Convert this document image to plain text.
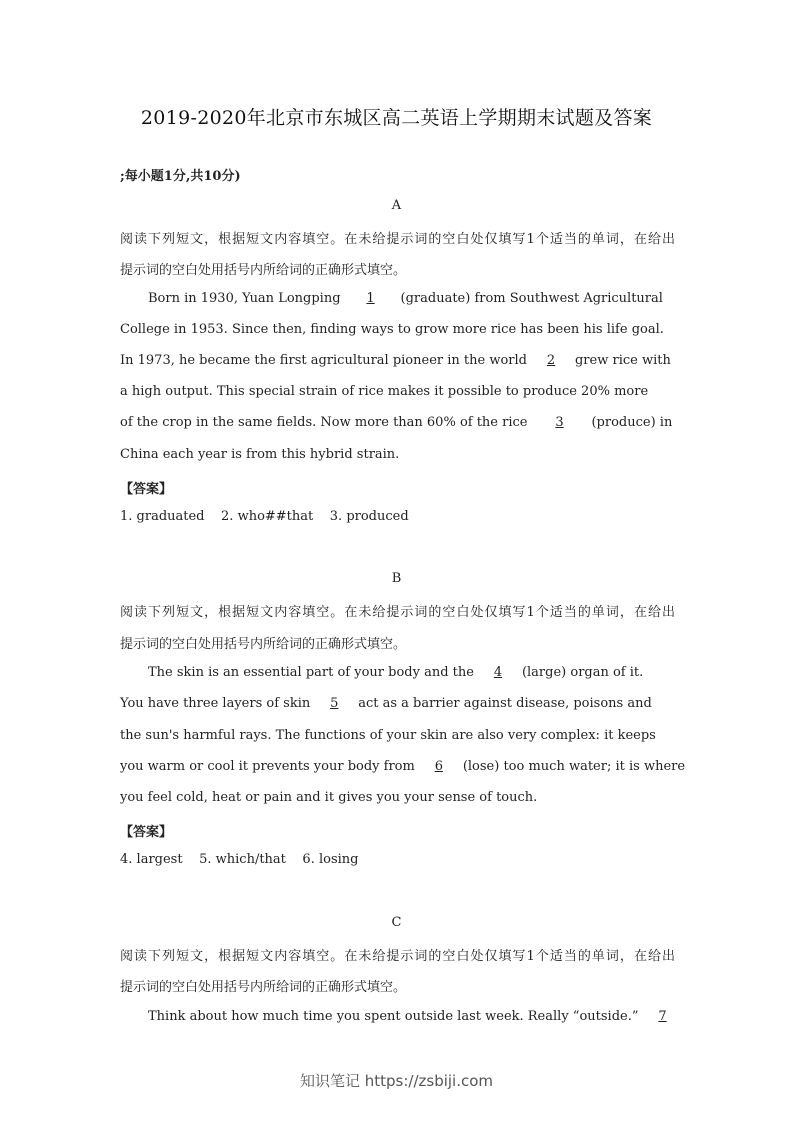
2019-2020年北京市东城区高二英语上学期期末试题及答案
;每小题1分,共10分)
A
阅读下列短文，根据短文内容填空。在未给提示词的空白处仅填写1个适当的单词，在给出
提示词的空白处用括号内所给词的正确形式填空。
Born in 1930, Yuan Longping 1 (graduate) from Southwest Agricultural
College in 1953. Since then, finding ways to grow more rice has been his life goal.
In 1973, he became the first agricultural pioneer in the world 2 grew rice with
a high output. This special strain of rice makes it possible to produce 20% more
of the crop in the same fields. Now more than 60% of the rice 3 (produce) in
China each year is from this hybrid strain.
【答案】
1. graduated    2. who##that    3. produced
B
阅读下列短文，根据短文内容填空。在未给提示词的空白处仅填写1个适当的单词，在给出
提示词的空白处用括号内所给词的正确形式填空。
The skin is an essential part of your body and the 4 (large) organ of it.
You have three layers of skin 5 act as a barrier against disease, poisons and
the sun's harmful rays. The functions of your skin are also very complex: it keeps
you warm or cool it prevents your body from 6 (lose) too much water; it is where
you feel cold, heat or pain and it gives you your sense of touch.
【答案】
4. largest    5. which/that    6. losing
C
阅读下列短文，根据短文内容填空。在未给提示词的空白处仅填写1个适当的单词，在给出
提示词的空白处用括号内所给词的正确形式填空。
Think about how much time you spent outside last week. Really “outside.” 7
知识笔记 https://zsbiji.com
